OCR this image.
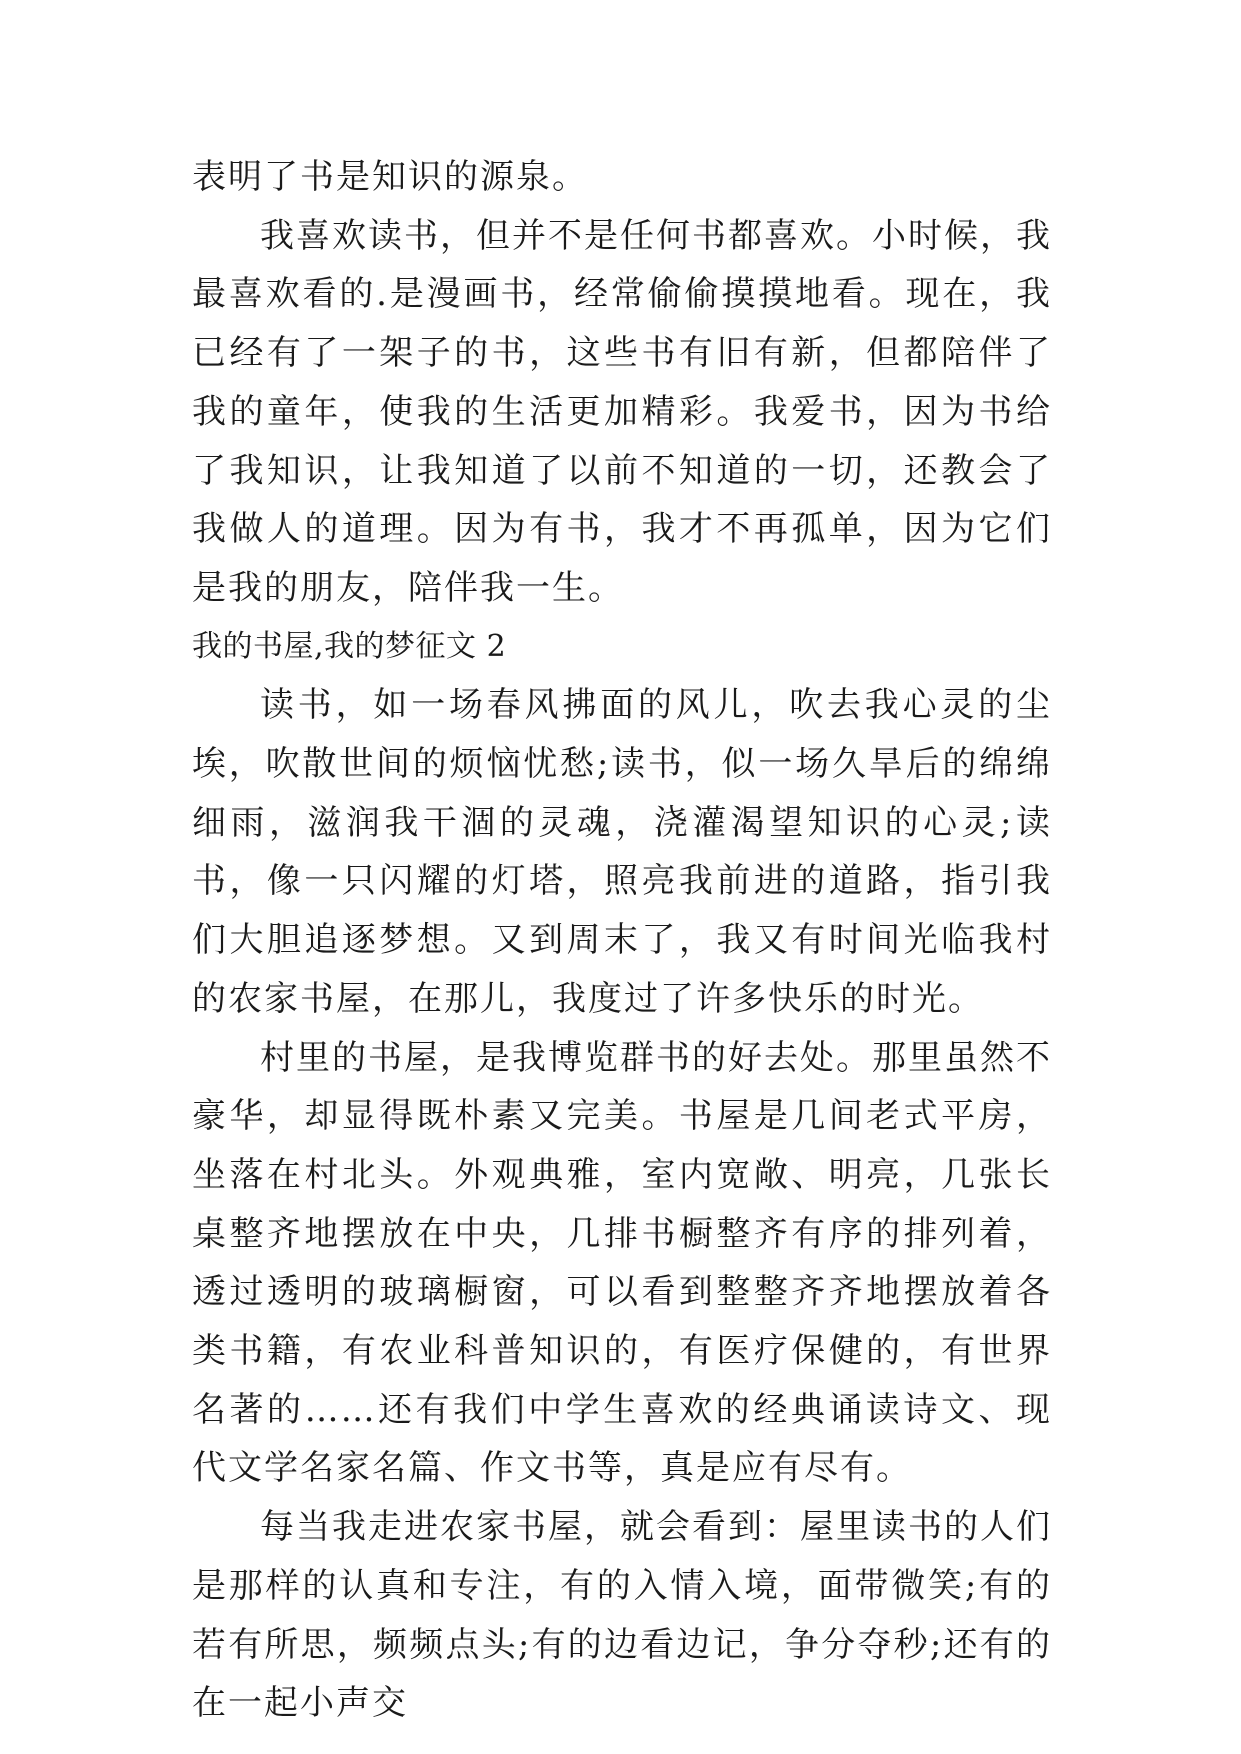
表明了书是知识的源泉。

我喜欢读书，但并不是任何书都喜欢。小时候，我最喜欢看的.是漫画书，经常偷偷摸摸地看。现在，我已经有了一架子的书，这些书有旧有新，但都陪伴了我的童年，使我的生活更加精彩。我爱书，因为书给了我知识，让我知道了以前不知道的一切，还教会了我做人的道理。因为有书，我才不再孤单，因为它们是我的朋友，陪伴我一生。

我的书屋,我的梦征文 2

读书，如一场春风拂面的风儿，吹去我心灵的尘埃，吹散世间的烦恼忧愁;读书，似一场久旱后的绵绵细雨，滋润我干涸的灵魂，浇灌渴望知识的心灵;读书，像一只闪耀的灯塔，照亮我前进的道路，指引我们大胆追逐梦想。又到周末了，我又有时间光临我村的农家书屋，在那儿，我度过了许多快乐的时光。

村里的书屋，是我博览群书的好去处。那里虽然不豪华，却显得既朴素又完美。书屋是几间老式平房，坐落在村北头。外观典雅，室内宽敞、明亮，几张长桌整齐地摆放在中央，几排书橱整齐有序的排列着，透过透明的玻璃橱窗，可以看到整整齐齐地摆放着各类书籍，有农业科普知识的，有医疗保健的，有世界名著的……还有我们中学生喜欢的经典诵读诗文、现代文学名家名篇、作文书等，真是应有尽有。

每当我走进农家书屋，就会看到：屋里读书的人们是那样的认真和专注，有的入情入境，面带微笑;有的若有所思，频频点头;有的边看边记，争分夺秒;还有的在一起小声交
